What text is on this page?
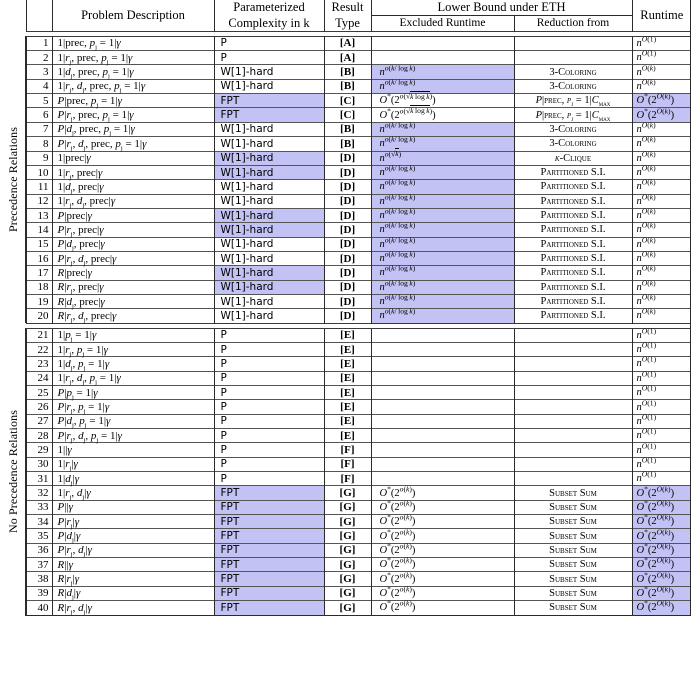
		Problem Description	Parameterized	Result	Lower Bound under ETH		Runtime
			Complexity in k	Type	Excluded Runtime	Reduction from	

	1	1|prec, $p_j = 1|\gamma$	P	[A]			$n^{O(1)}$
	2	$1|r_j$, prec, $p_j = 1|\gamma$	P	[A]			$n^{O(1)}$
	3	$1|d_j$, prec, $p_j = 1|\gamma$	W[1]-hard	[B]	$n^{o(k/ log k)}$	3-Coloring	$n^{O(k)}$
	4	$1|r_j$, $d_j$, prec, $p_j = 1|\gamma$	W[1]-hard	[B]	$n^{o(k/ log k)}$	3-Coloring	$n^{O(k)}$
	5	P|prec, $p_j = 1|\gamma$	FPT	[C]	$O^*(2^{o(√k log k)})$	P|prec, $p_j = 1|C_{max}$	$O^*(2^{O(k)})$
	6	$P|r_j$, prec, $p_j = 1|\gamma$	FPT	[C]	$O^*(2^{o(√k log k)})$	P|prec, $p_j = 1|C_{max}$	$O^*(2^{O(k)})$
	7	$P|d_j$, prec, $p_j = 1|\gamma$	W[1]-hard	[B]	$n^{o(k/ log k)}$	3-Coloring	$n^{O(k)}$
	8	$P|r_j$, $d_j$, prec, $p_j = 1|\gamma$	W[1]-hard	[B]	$n^{o(k/ log k)}$	3-Coloring	$n^{O(k)}$
	9	1|prec|γ	W[1]-hard	[D]	$n^{o(√k)}$	k-Clique	$n^{O(k)}$
	10	$1|r_j$, prec|γ	W[1]-hard	[D]	$n^{o(k/ log k)}$	Partitioned S.I.	$n^{O(k)}$
	11	$1|d_j$, prec|γ	W[1]-hard	[D]	$n^{o(k/ log k)}$	Partitioned S.I.	$n^{O(k)}$
	12	$1|r_j$, $d_j$, prec|γ	W[1]-hard	[D]	$n^{o(k/ log k)}$	Partitioned S.I.	$n^{O(k)}$
	13	P|prec|γ	W[1]-hard	[D]	$n^{o(k/ log k)}$	Partitioned S.I.	$n^{O(k)}$
	14	$P|r_j$, prec|γ	W[1]-hard	[D]	$n^{o(k/ log k)}$	Partitioned S.I.	$n^{O(k)}$
	15	$P|d_j$, prec|γ	W[1]-hard	[D]	$n^{o(k/ log k)}$	Partitioned S.I.	$n^{O(k)}$
	16	$P|r_j$, $d_j$, prec|γ	W[1]-hard	[D]	$n^{o(k/ log k)}$	Partitioned S.I.	$n^{O(k)}$
	17	R|prec|γ	W[1]-hard	[D]	$n^{o(k/ log k)}$	Partitioned S.I.	$n^{O(k)}$
	18	$R|r_j$, prec|γ	W[1]-hard	[D]	$n^{o(k/ log k)}$	Partitioned S.I.	$n^{O(k)}$
	19	$R|d_j$, prec|γ	W[1]-hard	[D]	$n^{o(k/ log k)}$	Partitioned S.I.	$n^{O(k)}$
	20	$R|r_j$, $d_j$, prec|γ	W[1]-hard	[D]	$n^{o(k/ log k)}$	Partitioned S.I.	$n^{O(k)}$

	21	$1|p_j = 1|\gamma$	P	[E]			$n^{O(1)}$
	22	$1|r_j$, $p_j = 1|\gamma$	P	[E]			$n^{O(1)}$
	23	$1|d_j$, $p_j = 1|\gamma$	P	[E]			$n^{O(1)}$
	24	$1|r_j$, $d_j$, $p_j = 1|\gamma$	P	[E]			$n^{O(1)}$
	25	$P|p_j = 1|\gamma$	P	[E]			$n^{O(1)}$
	26	$P|r_j$, $p_j = 1|\gamma$	P	[E]			$n^{O(1)}$
	27	$P|d_j$, $p_j = 1|\gamma$	P	[E]			$n^{O(1)}$
	28	$P|r_j$, $d_j$, $p_j = 1|\gamma$	P	[E]			$n^{O(1)}$
	29	1||γ	P	[F]			$n^{O(1)}$
	30	$1|r_j|\gamma$	P	[F]			$n^{O(1)}$
	31	$1|d_j|\gamma$	P	[F]			$n^{O(1)}$
	32	$1|r_j$, $d_j|\gamma$	FPT	[G]	$O^*(2^{o(k)})$	Subset Sum	$O^*(2^{O(k)})$
	33	P||γ	FPT	[G]	$O^*(2^{o(k)})$	Subset Sum	$O^*(2^{O(k)})$
	34	$P|r_j|\gamma$	FPT	[G]	$O^*(2^{o(k)})$	Subset Sum	$O^*(2^{O(k)})$
	35	$P|d_j|\gamma$	FPT	[G]	$O^*(2^{o(k)})$	Subset Sum	$O^*(2^{O(k)})$
	36	$P|r_j$, $d_j|\gamma$	FPT	[G]	$O^*(2^{o(k)})$	Subset Sum	$O^*(2^{O(k)})$
	37	R||γ	FPT	[G]	$O^*(2^{o(k)})$	Subset Sum	$O^*(2^{O(k)})$
	38	$R|r_j|\gamma$	FPT	[G]	$O^*(2^{o(k)})$	Subset Sum	$O^*(2^{O(k)})$
	39	$R|d_j|\gamma$	FPT	[G]	$O^*(2^{o(k)})$	Subset Sum	$O^*(2^{O(k)})$
	40	$R|r_j$, $d_j|\gamma$	FPT	[G]	$O^*(2^{o(k)})$	Subset Sum	$O^*(2^{O(k)})$
Precedence Relations
No Precedence Relations
